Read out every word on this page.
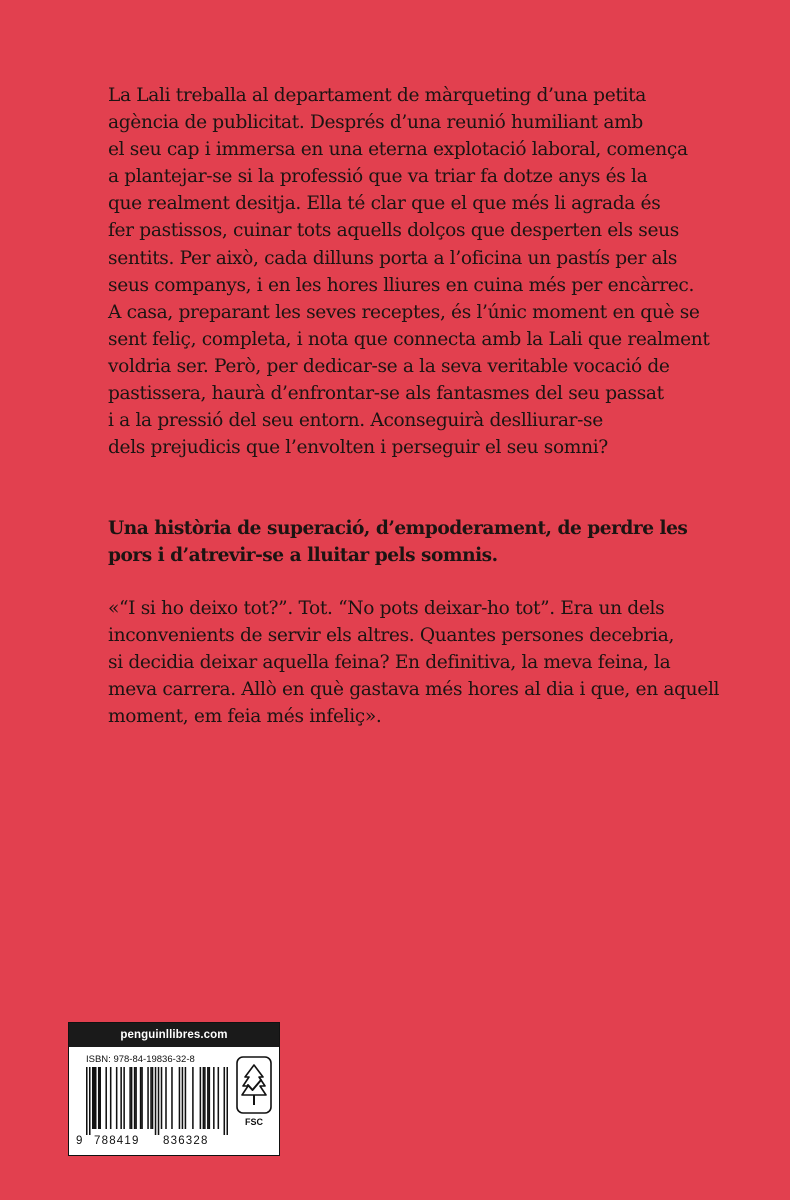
La Lali treballa al departament de màrqueting d’una petita
agència de publicitat. Després d’una reunió humiliant amb
el seu cap i immersa en una eterna explotació laboral, comença
a plantejar-se si la professió que va triar fa dotze anys és la
que realment desitja. Ella té clar que el que més li agrada és
fer pastissos, cuinar tots aquells dolços que desperten els seus
sentits. Per això, cada dilluns porta a l’oficina un pastís per als
seus companys, i en les hores lliures en cuina més per encàrrec.
A casa, preparant les seves receptes, és l’únic moment en què se
sent feliç, completa, i nota que connecta amb la Lali que realment
voldria ser. Però, per dedicar-se a la seva veritable vocació de
pastissera, haurà d’enfrontar-se als fantasmes del seu passat
i a la pressió del seu entorn. Aconseguirà deslliurar-se
dels prejudicis que l’envolten i perseguir el seu somni?
Una història de superació, d’empoderament, de perdre les
pors i d’atrevir-se a lluitar pels somnis.
«“I si ho deixo tot?”. Tot. “No pots deixar-ho tot”. Era un dels
inconvenients de servir els altres. Quantes persones decebria,
si decidia deixar aquella feina? En definitiva, la meva feina, la
meva carrera. Allò en què gastava més hores al dia i que, en aquell
moment, em feia més infeliç».
penguinllibres.com
ISBN: 978-84-19836-32-8
9 788419 836328
FSC
